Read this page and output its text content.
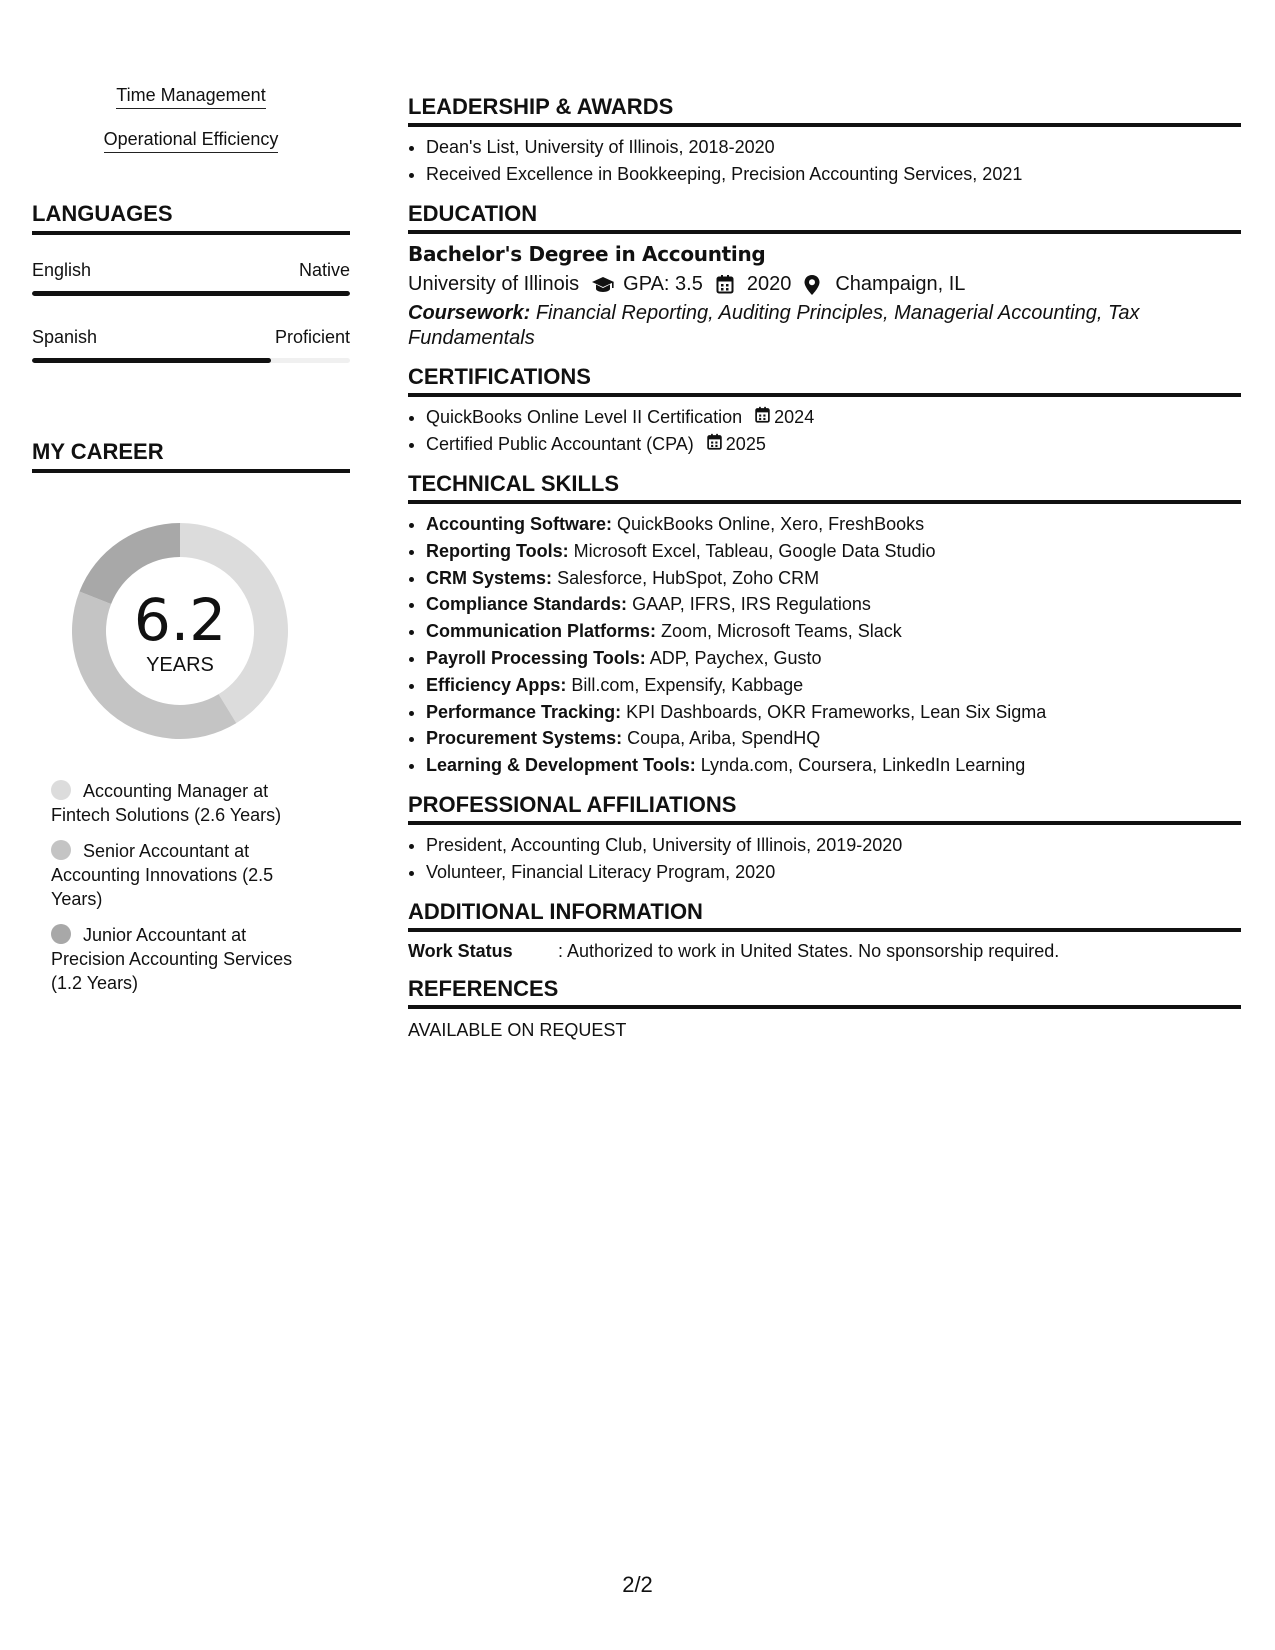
Time Management
Operational Efficiency
LANGUAGES
English	Native
Spanish	Proficient
MY CAREER
6.2
YEARS
Accounting Manager at Fintech Solutions (2.6 Years)
Senior Accountant at Accounting Innovations (2.5 Years)
Junior Accountant at Precision Accounting Services (1.2 Years)
LEADERSHIP & AWARDS
• Dean's List, University of Illinois, 2018-2020
• Received Excellence in Bookkeeping, Precision Accounting Services, 2021
EDUCATION
Bachelor's Degree in Accounting
University of Illinois GPA: 3.5 2020 Champaign, IL
Coursework: Financial Reporting, Auditing Principles, Managerial Accounting, Tax Fundamentals
CERTIFICATIONS
• QuickBooks Online Level II Certification 2024
• Certified Public Accountant (CPA) 2025
TECHNICAL SKILLS
• Accounting Software: QuickBooks Online, Xero, FreshBooks
• Reporting Tools: Microsoft Excel, Tableau, Google Data Studio
• CRM Systems: Salesforce, HubSpot, Zoho CRM
• Compliance Standards: GAAP, IFRS, IRS Regulations
• Communication Platforms: Zoom, Microsoft Teams, Slack
• Payroll Processing Tools: ADP, Paychex, Gusto
• Efficiency Apps: Bill.com, Expensify, Kabbage
• Performance Tracking: KPI Dashboards, OKR Frameworks, Lean Six Sigma
• Procurement Systems: Coupa, Ariba, SpendHQ
• Learning & Development Tools: Lynda.com, Coursera, LinkedIn Learning
PROFESSIONAL AFFILIATIONS
• President, Accounting Club, University of Illinois, 2019-2020
• Volunteer, Financial Literacy Program, 2020
ADDITIONAL INFORMATION
Work Status	: Authorized to work in United States. No sponsorship required.
REFERENCES
AVAILABLE ON REQUEST
2/2
